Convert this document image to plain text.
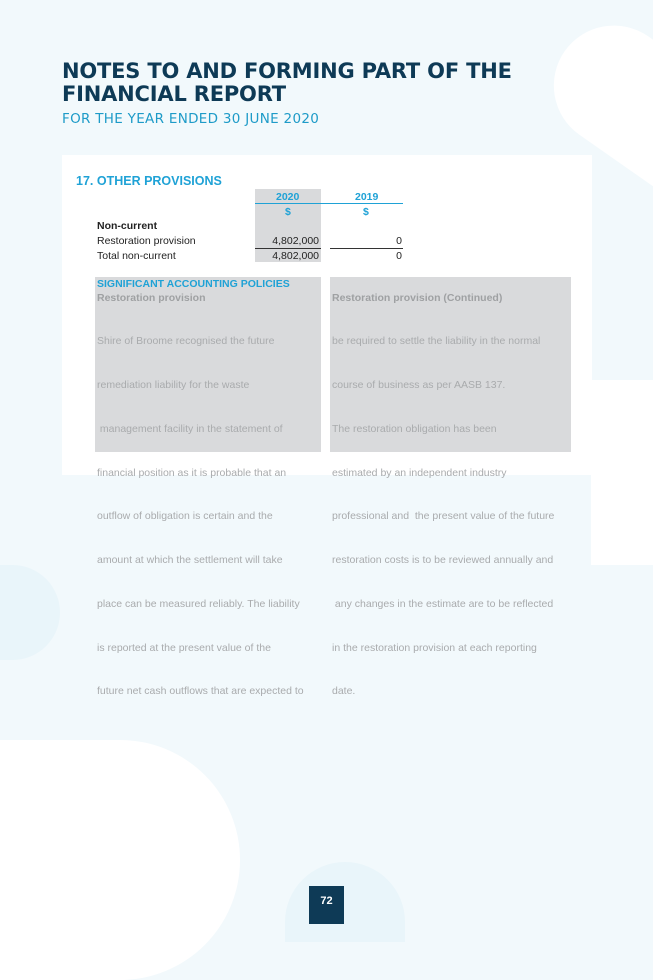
NOTES TO AND FORMING PART OF THE FINANCIAL REPORT
FOR THE YEAR ENDED 30 JUNE 2020
17. OTHER PROVISIONS
2020	2019
$	$
Non-current
Restoration provision	4,802,000	0
Total non-current	4,802,000	0
SIGNIFICANT ACCOUNTING POLICIES
Restoration provision	Restoration provision (Continued)

Shire of Broome recognised the future

remediation liability for the waste

management facility in the statement of

financial position as it is probable that an

outflow of obligation is certain and the

amount at which the settlement will take

place can be measured reliably. The liability

is reported at the present value of the

future net cash outflows that are expected to

be required to settle the liability in the normal

course of business as per AASB 137.

The restoration obligation has been

estimated by an independent industry

professional and  the present value of the future

restoration costs is to be reviewed annually and

any changes in the estimate are to be reflected

in the restoration provision at each reporting

date.

72
